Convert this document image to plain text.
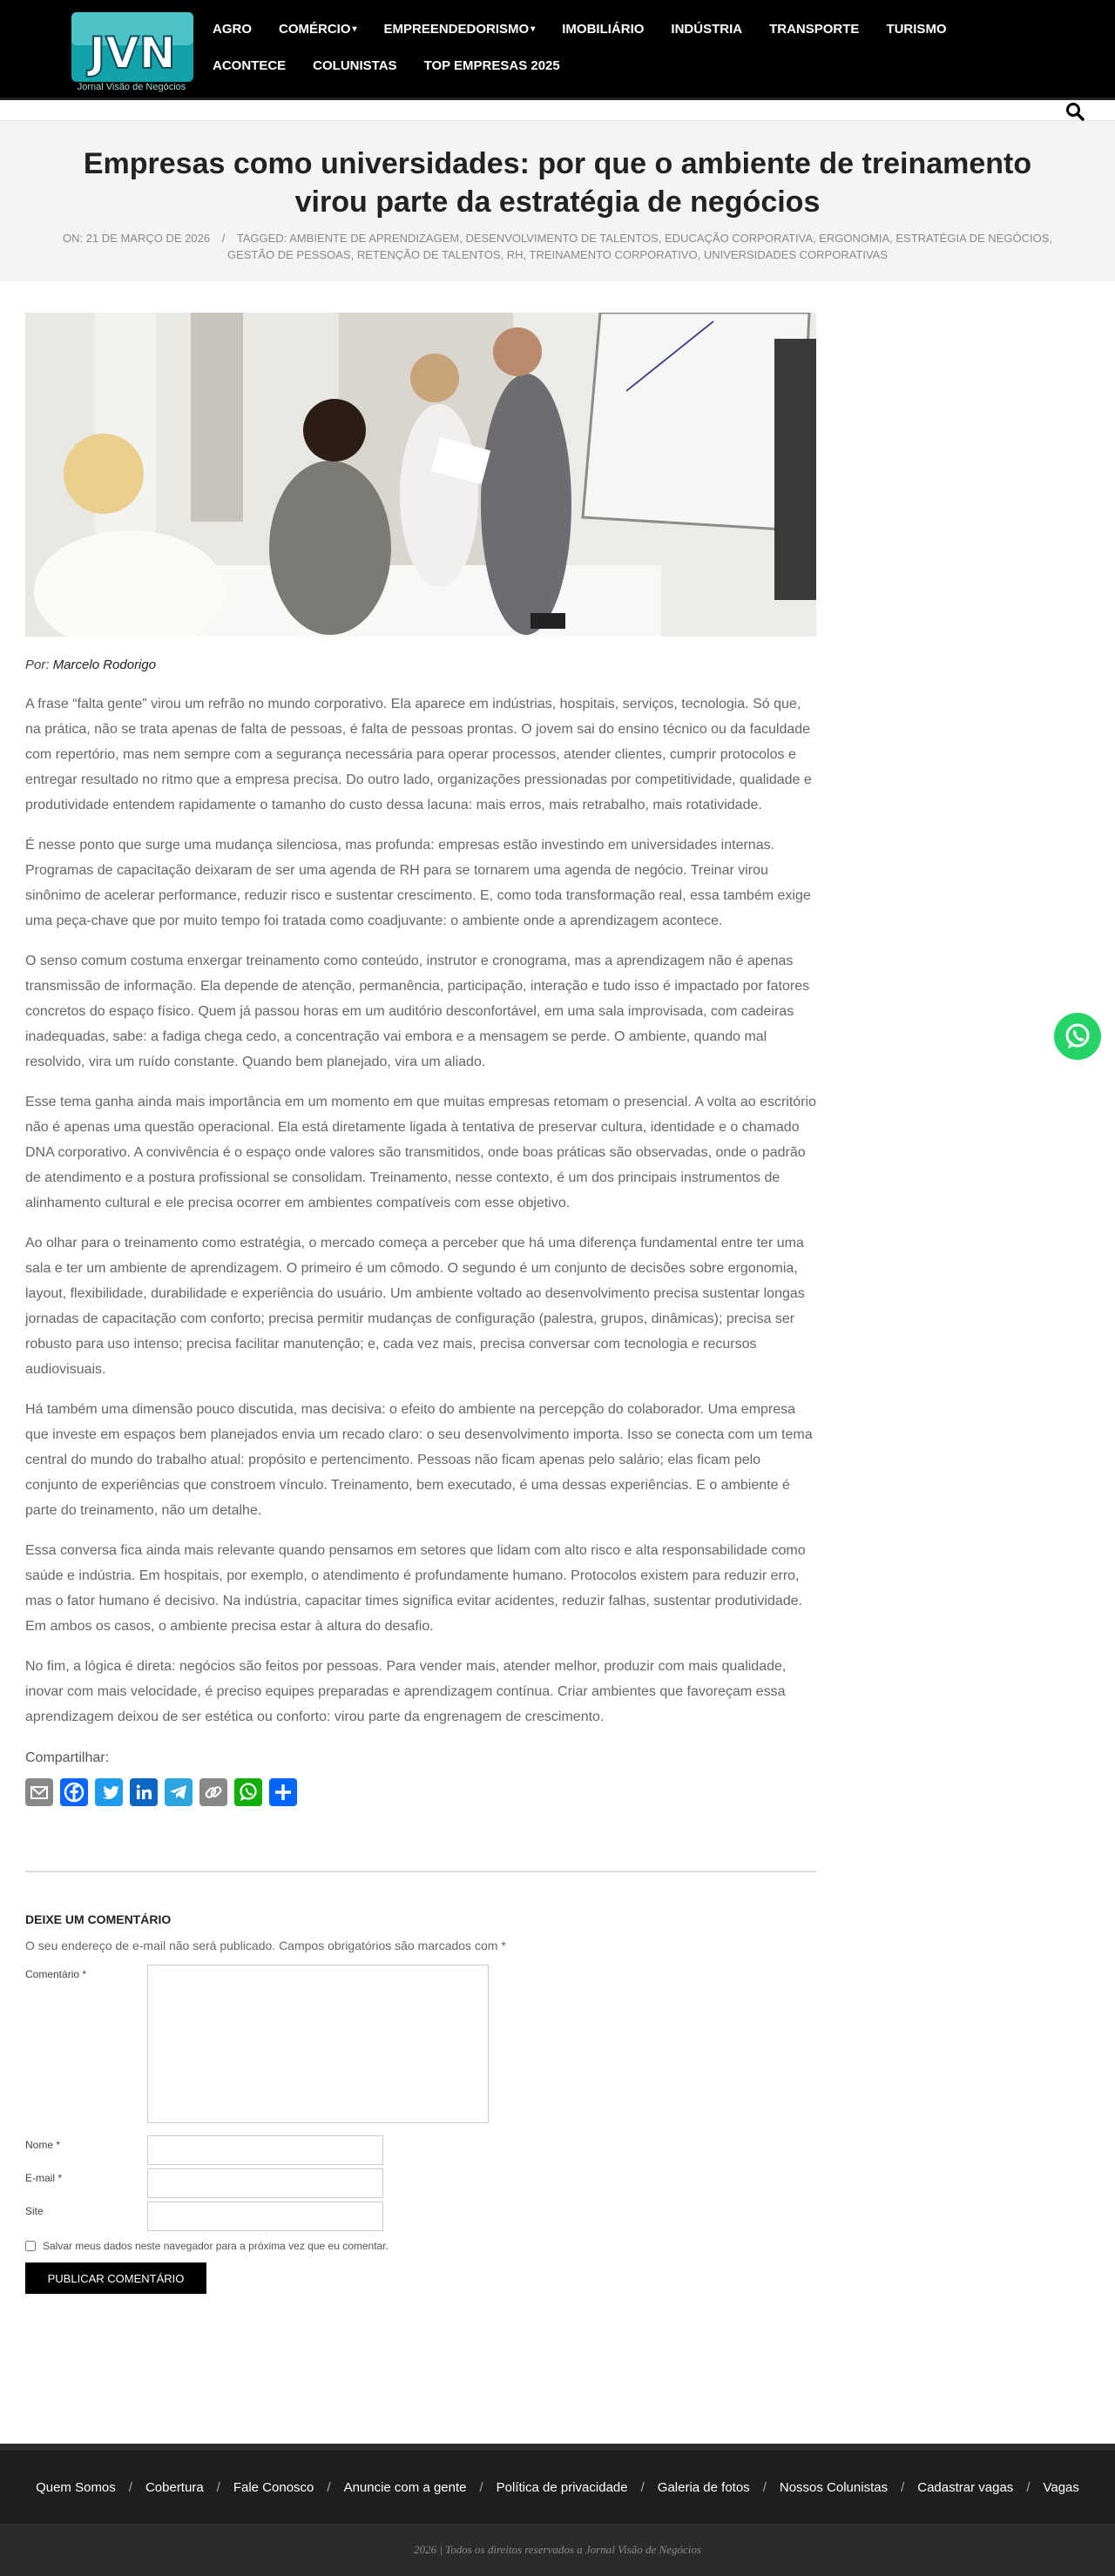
JVN
Jornal Visão de Negócios
AGRO COMÉRCIO ▾ EMPREENDEDORISMO ▾ IMOBILIÁRIO INDÚSTRIA TRANSPORTE TURISMO
ACONTECE COLUNISTAS TOP EMPRESAS 2025
Empresas como universidades: por que o ambiente de treinamento virou parte da estratégia de negócios
ON: 21 DE MARÇO DE 2026 / TAGGED: AMBIENTE DE APRENDIZAGEM, DESENVOLVIMENTO DE TALENTOS, EDUCAÇÃO CORPORATIVA, ERGONOMIA, ESTRATÉGIA DE NEGÓCIOS, GESTÃO DE PESSOAS, RETENÇÃO DE TALENTOS, RH, TREINAMENTO CORPORATIVO, UNIVERSIDADES CORPORATIVAS
Por: Marcelo Rodorigo

A frase “falta gente” virou um refrão no mundo corporativo. Ela aparece em indústrias, hospitais, serviços, tecnologia. Só que, na prática, não se trata apenas de falta de pessoas, é falta de pessoas prontas. O jovem sai do ensino técnico ou da faculdade com repertório, mas nem sempre com a segurança necessária para operar processos, atender clientes, cumprir protocolos e entregar resultado no ritmo que a empresa precisa. Do outro lado, organizações pressionadas por competitividade, qualidade e produtividade entendem rapidamente o tamanho do custo dessa lacuna: mais erros, mais retrabalho, mais rotatividade.

É nesse ponto que surge uma mudança silenciosa, mas profunda: empresas estão investindo em universidades internas. Programas de capacitação deixaram de ser uma agenda de RH para se tornarem uma agenda de negócio. Treinar virou sinônimo de acelerar performance, reduzir risco e sustentar crescimento. E, como toda transformação real, essa também exige uma peça-chave que por muito tempo foi tratada como coadjuvante: o ambiente onde a aprendizagem acontece.

O senso comum costuma enxergar treinamento como conteúdo, instrutor e cronograma, mas a aprendizagem não é apenas transmissão de informação. Ela depende de atenção, permanência, participação, interação e tudo isso é impactado por fatores concretos do espaço físico. Quem já passou horas em um auditório desconfortável, em uma sala improvisada, com cadeiras inadequadas, sabe: a fadiga chega cedo, a concentração vai embora e a mensagem se perde. O ambiente, quando mal resolvido, vira um ruído constante. Quando bem planejado, vira um aliado.

Esse tema ganha ainda mais importância em um momento em que muitas empresas retomam o presencial. A volta ao escritório não é apenas uma questão operacional. Ela está diretamente ligada à tentativa de preservar cultura, identidade e o chamado DNA corporativo. A convivência é o espaço onde valores são transmitidos, onde boas práticas são observadas, onde o padrão de atendimento e a postura profissional se consolidam. Treinamento, nesse contexto, é um dos principais instrumentos de alinhamento cultural e ele precisa ocorrer em ambientes compatíveis com esse objetivo.

Ao olhar para o treinamento como estratégia, o mercado começa a perceber que há uma diferença fundamental entre ter uma sala e ter um ambiente de aprendizagem. O primeiro é um cômodo. O segundo é um conjunto de decisões sobre ergonomia, layout, flexibilidade, durabilidade e experiência do usuário. Um ambiente voltado ao desenvolvimento precisa sustentar longas jornadas de capacitação com conforto; precisa permitir mudanças de configuração (palestra, grupos, dinâmicas); precisa ser robusto para uso intenso; precisa facilitar manutenção; e, cada vez mais, precisa conversar com tecnologia e recursos audiovisuais.

Há também uma dimensão pouco discutida, mas decisiva: o efeito do ambiente na percepção do colaborador. Uma empresa que investe em espaços bem planejados envia um recado claro: o seu desenvolvimento importa. Isso se conecta com um tema central do mundo do trabalho atual: propósito e pertencimento. Pessoas não ficam apenas pelo salário; elas ficam pelo conjunto de experiências que constroem vínculo. Treinamento, bem executado, é uma dessas experiências. E o ambiente é parte do treinamento, não um detalhe.

Essa conversa fica ainda mais relevante quando pensamos em setores que lidam com alto risco e alta responsabilidade como saúde e indústria. Em hospitais, por exemplo, o atendimento é profundamente humano. Protocolos existem para reduzir erro, mas o fator humano é decisivo. Na indústria, capacitar times significa evitar acidentes, reduzir falhas, sustentar produtividade. Em ambos os casos, o ambiente precisa estar à altura do desafio.

No fim, a lógica é direta: negócios são feitos por pessoas. Para vender mais, atender melhor, produzir com mais qualidade, inovar com mais velocidade, é preciso equipes preparadas e aprendizagem contínua. Criar ambientes que favoreçam essa aprendizagem deixou de ser estética ou conforto: virou parte da engrenagem de crescimento.

Compartilhar:
DEIXE UM COMENTÁRIO

O seu endereço de e-mail não será publicado. Campos obrigatórios são marcados com *

Comentário *
Nome *
E-mail *
Site
Salvar meus dados neste navegador para a próxima vez que eu comentar.
PUBLICAR COMENTÁRIO
Quem Somos / Cobertura / Fale Conosco / Anuncie com a gente / Política de privacidade / Galeria de fotos / Nossos Colunistas / Cadastrar vagas / Vagas
2026 | Todos os direitos reservados a Jornal Visão de Negócios
